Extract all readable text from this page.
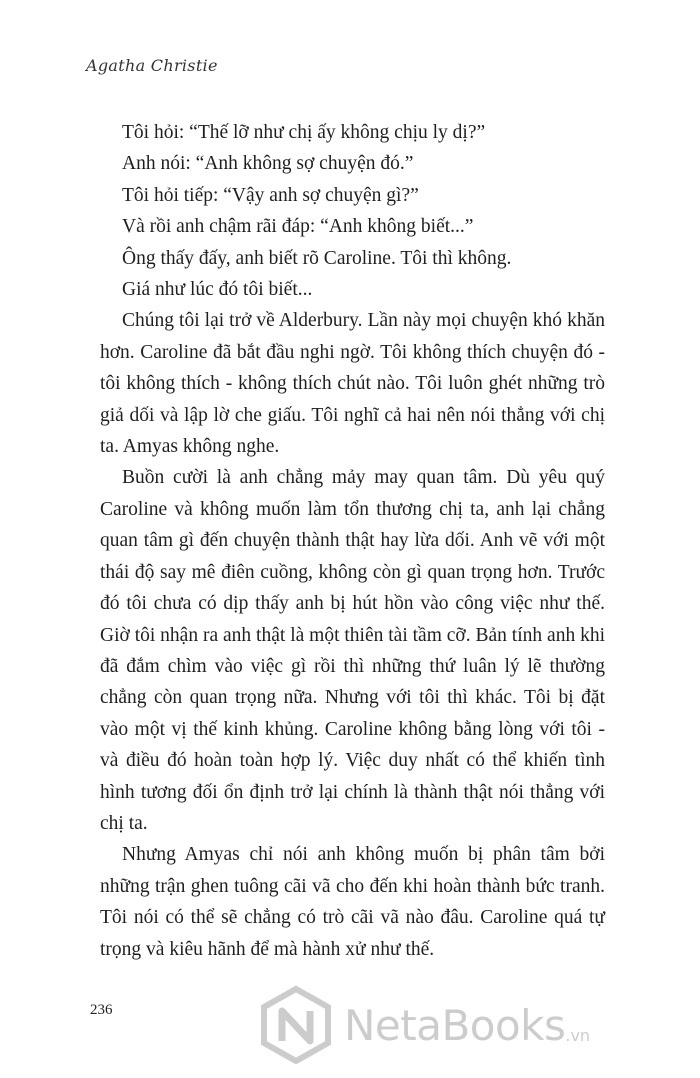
Agatha Christie

Tôi hỏi: “Thế lỡ như chị ấy không chịu ly dị?”

Anh nói: “Anh không sợ chuyện đó.”

Tôi hỏi tiếp: “Vậy anh sợ chuyện gì?”

Và rồi anh chậm rãi đáp: “Anh không biết...”

Ông thấy đấy, anh biết rõ Caroline. Tôi thì không.

Giá như lúc đó tôi biết...

Chúng tôi lại trở về Alderbury. Lần này mọi chuyện khó khăn hơn. Caroline đã bắt đầu nghi ngờ. Tôi không thích chuyện đó - tôi không thích - không thích chút nào. Tôi luôn ghét những trò giả dối và lập lờ che giấu. Tôi nghĩ cả hai nên nói thẳng với chị ta. Amyas không nghe.

Buồn cười là anh chẳng mảy may quan tâm. Dù yêu quý Caroline và không muốn làm tổn thương chị ta, anh lại chẳng quan tâm gì đến chuyện thành thật hay lừa dối. Anh vẽ với một thái độ say mê điên cuồng, không còn gì quan trọng hơn. Trước đó tôi chưa có dịp thấy anh bị hút hồn vào công việc như thế. Giờ tôi nhận ra anh thật là một thiên tài tầm cỡ. Bản tính anh khi đã đắm chìm vào việc gì rồi thì những thứ luân lý lẽ thường chẳng còn quan trọng nữa. Nhưng với tôi thì khác. Tôi bị đặt vào một vị thế kinh khủng. Caroline không bằng lòng với tôi - và điều đó hoàn toàn hợp lý. Việc duy nhất có thể khiến tình hình tương đối ổn định trở lại chính là thành thật nói thẳng với chị ta.

Nhưng Amyas chỉ nói anh không muốn bị phân tâm bởi những trận ghen tuông cãi vã cho đến khi hoàn thành bức tranh. Tôi nói có thể sẽ chẳng có trò cãi vã nào đâu. Caroline quá tự trọng và kiêu hãnh để mà hành xử như thế.

236	NetaBooks .vn
